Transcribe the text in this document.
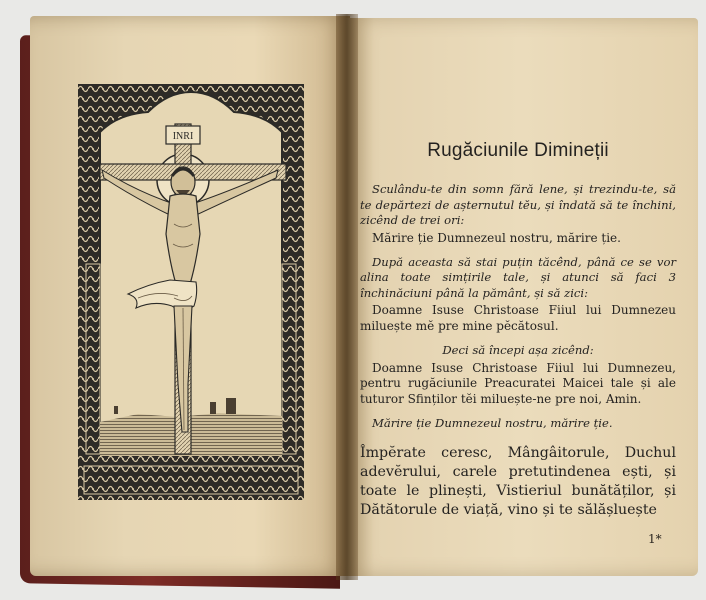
INRI
Rugăciunile Dimineții

Sculându-te din somn fără lene, și trezindu-te, să te depărtezi de așternutul tĕu, și îndată să te închini, zicênd de trei ori:

Mărire ție Dumnezeul nostru, mărire ție.

După aceasta să stai puțin tăcênd, până ce se vor alina toate simțirile tale, și atunci să faci 3 închinăciuni până la pământ, și să zici:

Doamne Isuse Christoase Fiiul lui Dumnezeu miluește mĕ pre mine pĕcătosul.

Deci să începi așa zicênd:

Doamne Isuse Christoase Fiiul lui Dumnezeu, pentru rugăciunile Preacuratei Maicei tale și ale tuturor Sfinților tĕi miluește-ne pre noi, Amin.

Mărire ție Dumnezeul nostru, mărire ție.

Împĕrate ceresc, Mângâitorule, Duchul adevĕrului, carele pretutindenea ești, și toate le plinești, Vistieriul bunătăților, și Dătătorule de viață, vino și te sălășluește

1*
